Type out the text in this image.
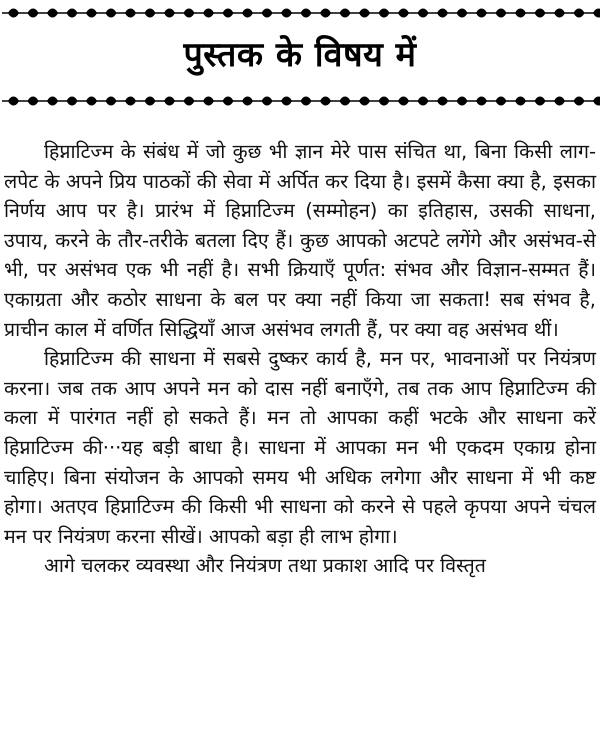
पुस्तक के विषय में

हिप्नाटिज्म के संबंध में जो कुछ भी ज्ञान मेरे पास संचित था, बिना किसी लाग-लपेट के अपने प्रिय पाठकों की सेवा में अर्पित कर दिया है। इसमें कैसा क्या है, इसका निर्णय आप पर है। प्रारंभ में हिप्नाटिज्म (सम्मोहन) का इतिहास, उसकी साधना, उपाय, करने के तौर-तरीके बतला दिए हैं। कुछ आपको अटपटे लगेंगे और असंभव-से भी, पर असंभव एक भी नहीं है। सभी क्रियाएँ पूर्णत: संभव और विज्ञान-सम्मत हैं। एकाग्रता और कठोर साधना के बल पर क्या नहीं किया जा सकता! सब संभव है, प्राचीन काल में वर्णित सिद्धियाँ आज असंभव लगती हैं, पर क्या वह असंभव थीं।

हिप्नाटिज्म की साधना में सबसे दुष्कर कार्य है, मन पर, भावनाओं पर नियंत्रण करना। जब तक आप अपने मन को दास नहीं बनाएँगे, तब तक आप हिप्नाटिज्म की कला में पारंगत नहीं हो सकते हैं। मन तो आपका कहीं भटके और साधना करें हिप्नाटिज्म की···यह बड़ी बाधा है। साधना में आपका मन भी एकदम एकाग्र होना चाहिए। बिना संयोजन के आपको समय भी अधिक लगेगा और साधना में भी कष्ट होगा। अतएव हिप्नाटिज्म की किसी भी साधना को करने से पहले कृपया अपने चंचल मन पर नियंत्रण करना सीखें। आपको बड़ा ही लाभ होगा।

आगे चलकर व्यवस्था और नियंत्रण तथा प्रकाश आदि पर विस्तृत
